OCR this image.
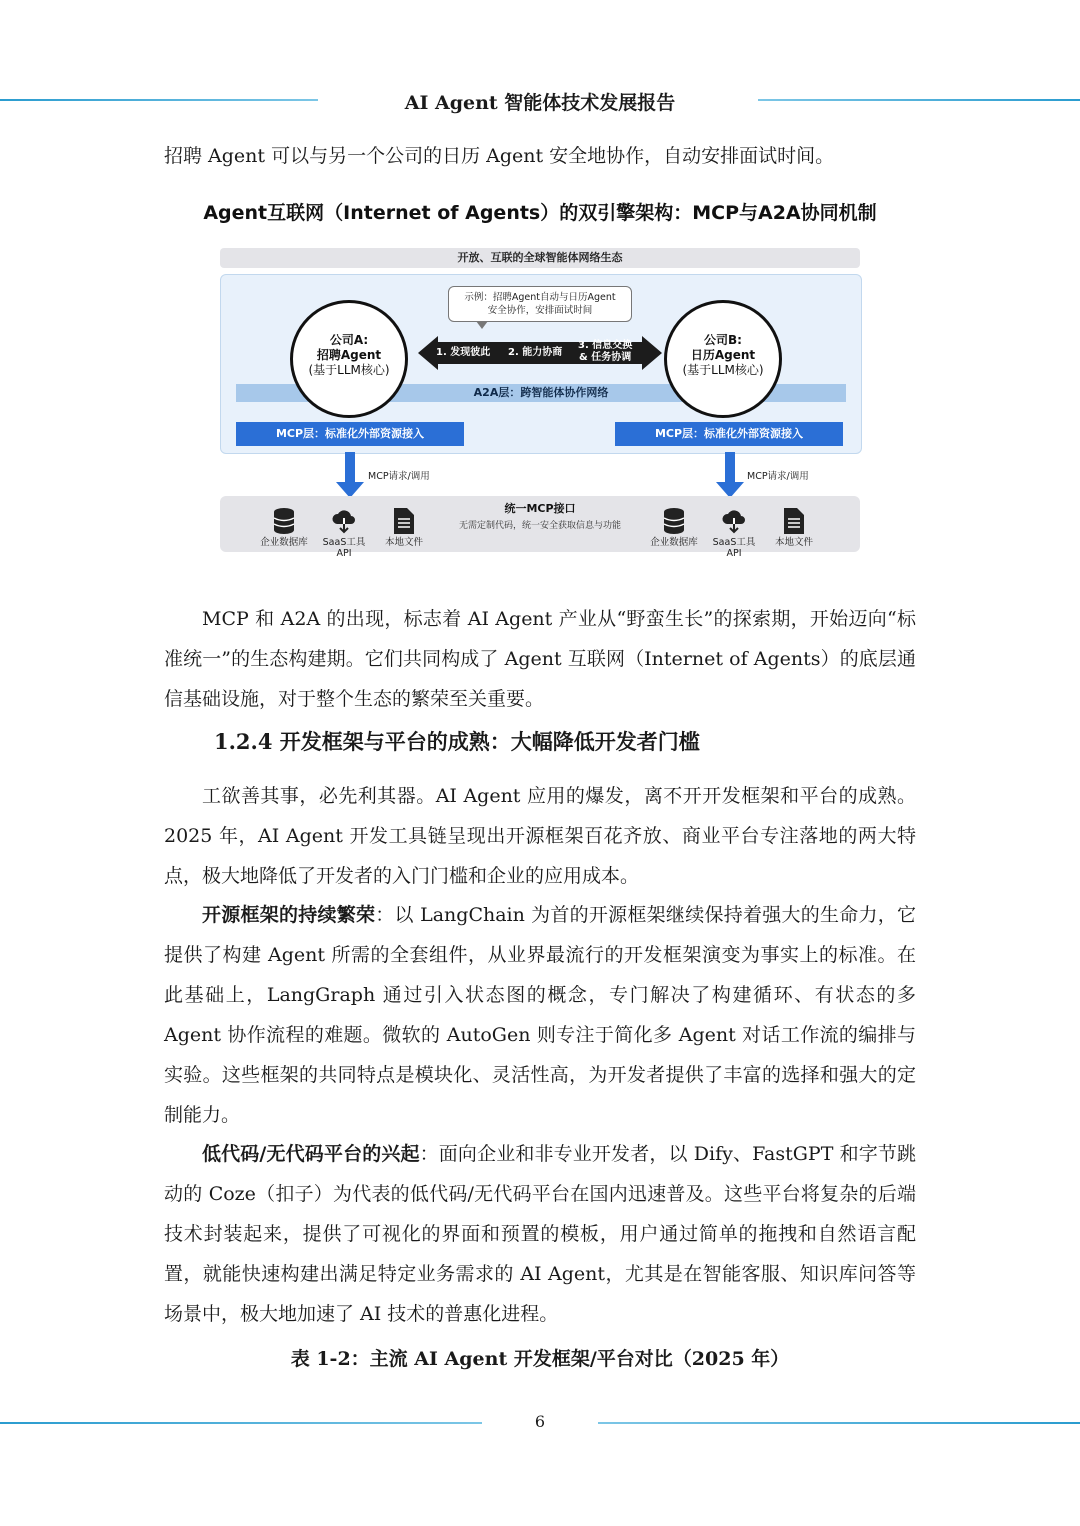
AI Agent 智能体技术发展报告

招聘 Agent 可以与另一个公司的日历 Agent 安全地协作，自动安排面试时间。

Agent互联网（Internet of Agents）的双引擎架构：MCP与A2A协同机制
开放、互联的全球智能体网络生态
A2A层：跨智能体协作网络
MCP层：标准化外部资源接入	MCP层：标准化外部资源接入
示例：招聘Agent自动与日历Agent
安全协作，安排面试时间
1. 发现彼此 2. 能力协商
3. 信息交换
& 任务协调
公司A:
招聘Agent
(基于LLM核心)
公司B:
日历Agent
(基于LLM核心)
MCP请求/调用	MCP请求/调用
统一MCP接口
无需定制代码，统一安全获取信息与功能
企业数据库	SaaS工具
API
本地文件	企业数据库	SaaS工具
API
本地文件

MCP 和 A2A 的出现，标志着 AI Agent 产业从“野蛮生长”的探索期，开始迈向“标准统一”的生态构建期。它们共同构成了 Agent 互联网（Internet of Agents）的底层通信基础设施，对于整个生态的繁荣至关重要。

1.2.4 开发框架与平台的成熟：大幅降低开发者门槛

工欲善其事，必先利其器。AI Agent 应用的爆发，离不开开发框架和平台的成熟。2025 年，AI Agent 开发工具链呈现出开源框架百花齐放、商业平台专注落地的两大特点，极大地降低了开发者的入门门槛和企业的应用成本。

开源框架的持续繁荣：以 LangChain 为首的开源框架继续保持着强大的生命力，它提供了构建 Agent 所需的全套组件，从业界最流行的开发框架演变为事实上的标准。在此基础上，LangGraph 通过引入状态图的概念，专门解决了构建循环、有状态的多 Agent 协作流程的难题。微软的 AutoGen 则专注于简化多 Agent 对话工作流的编排与实验。这些框架的共同特点是模块化、灵活性高，为开发者提供了丰富的选择和强大的定制能力。

低代码/无代码平台的兴起：面向企业和非专业开发者，以 Dify、FastGPT 和字节跳动的 Coze（扣子）为代表的低代码/无代码平台在国内迅速普及。这些平台将复杂的后端技术封装起来，提供了可视化的界面和预置的模板，用户通过简单的拖拽和自然语言配置，就能快速构建出满足特定业务需求的 AI Agent，尤其是在智能客服、知识库问答等场景中，极大地加速了 AI 技术的普惠化进程。

表 1-2：主流 AI Agent 开发框架/平台对比（2025 年）
6
